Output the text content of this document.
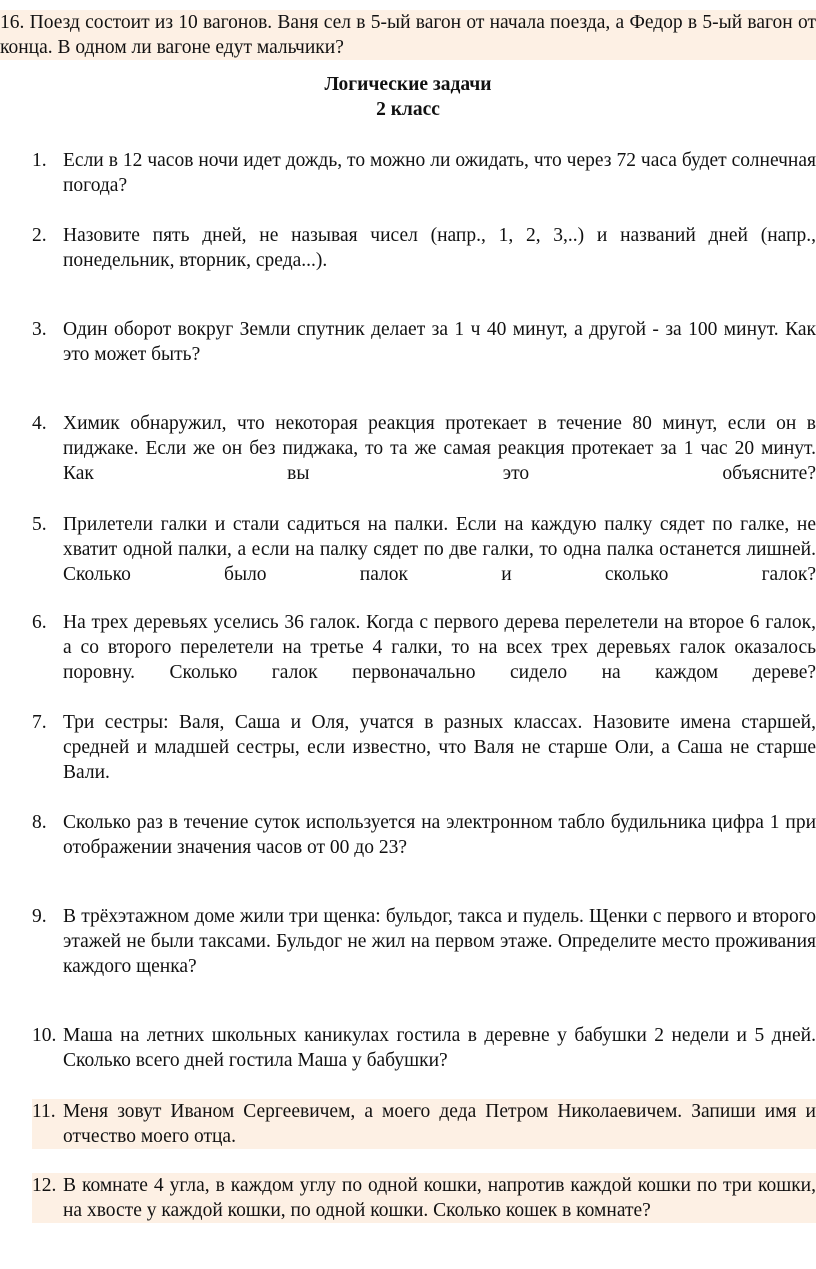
16. Поезд состоит из 10 вагонов. Ваня сел в 5-ый вагон от начала поезда, а Федор в 5-ый вагон от конца. В одном ли вагоне едут мальчики?
Логические задачи
2 класс
1. Если в 12 часов ночи идет дождь, то можно ли ожидать, что через 72 часа будет солнечная погода?
2. Назовите пять дней, не называя чисел (напр., 1, 2, 3,..) и названий дней (напр., понедельник, вторник, среда...).
3. Один оборот вокруг Земли спутник делает за 1 ч 40 минут, а другой - за 100 минут. Как это может быть?
4. Химик обнаружил, что некоторая реакция протекает в течение 80 минут, если он в пиджаке. Если же он без пиджака, то та же самая реакция протекает за 1 час 20 минут. Как вы это объясните?
5. Прилетели галки и стали садиться на палки. Если на каждую палку сядет по галке, не хватит одной палки, а если на палку сядет по две галки, то одна палка останется лишней. Сколько было палок и сколько галок?
6. На трех деревьях уселись 36 галок. Когда с первого дерева перелетели на второе 6 галок, а со второго перелетели на третье 4 галки, то на всех трех деревьях галок оказалось поровну. Сколько галок первоначально сидело на каждом дереве?
7. Три сестры: Валя, Саша и Оля, учатся в разных классах. Назовите имена старшей, средней и младшей сестры, если известно, что Валя не старше Оли, а Саша не старше Вали.
8. Сколько раз в течение суток используется на электронном табло будильника цифра 1 при отображении значения часов от 00 до 23?
9. В трёхэтажном доме жили три щенка: бульдог, такса и пудель. Щенки с первого и второго этажей не были таксами. Бульдог не жил на первом этаже. Определите место проживания каждого щенка?
10. Маша на летних школьных каникулах гостила в деревне у бабушки 2 недели и 5 дней. Сколько всего дней гостила Маша у бабушки?
11. Меня зовут Иваном Сергеевичем, а моего деда Петром Николаевичем. Запиши имя и отчество моего отца.
12. В комнате 4 угла, в каждом углу по одной кошки, напротив каждой кошки по три кошки, на хвосте у каждой кошки, по одной кошки. Сколько кошек в комнате?
